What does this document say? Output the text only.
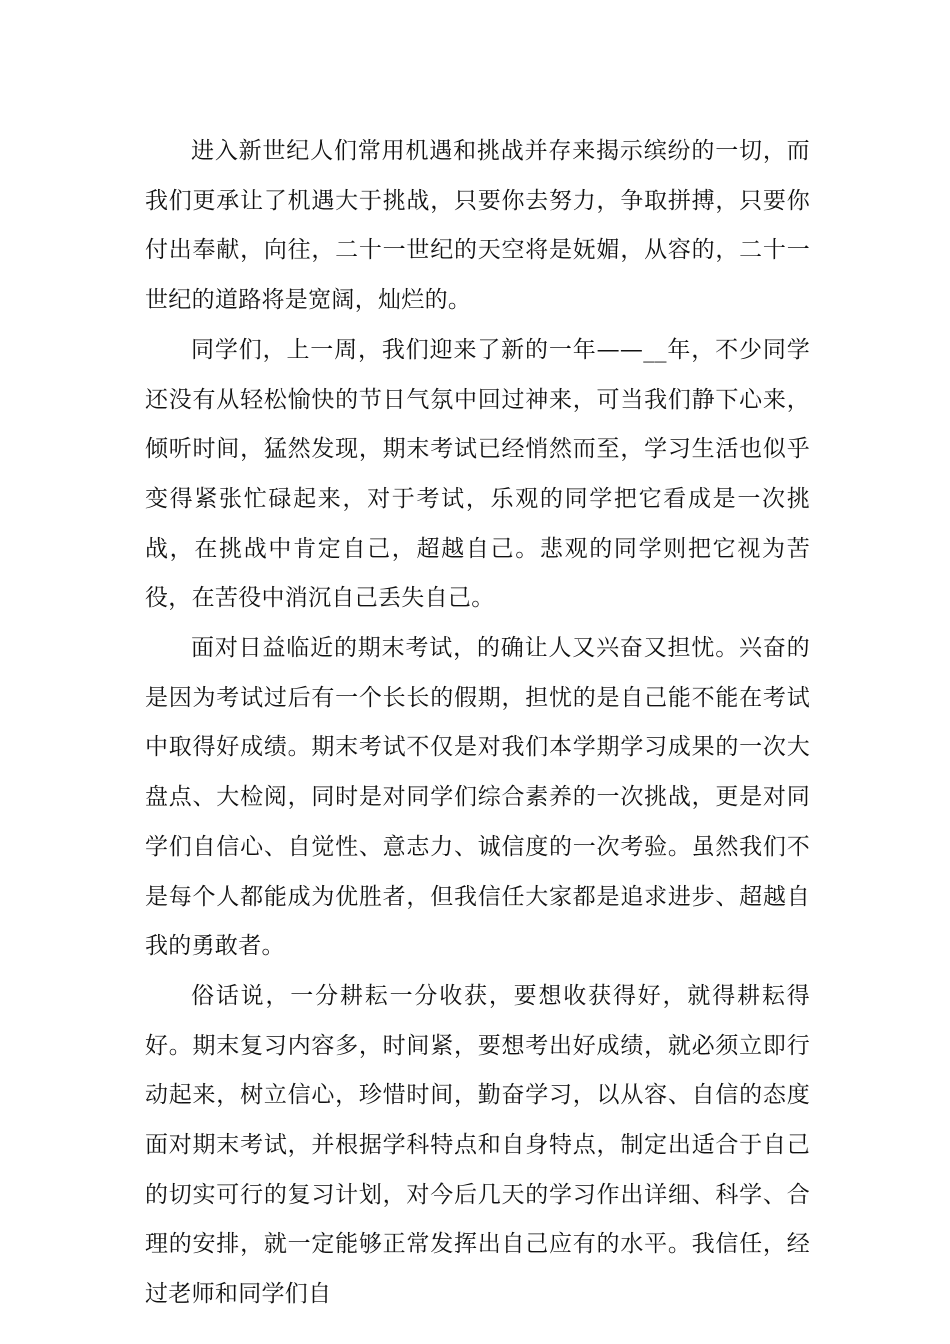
进入新世纪人们常用机遇和挑战并存来揭示缤纷的一切，而我们更承让了机遇大于挑战，只要你去努力，争取拼搏，只要你付出奉献，向往，二十一世纪的天空将是妩媚，从容的，二十一世纪的道路将是宽阔，灿烂的。

同学们，上一周，我们迎来了新的一年——__年，不少同学还没有从轻松愉快的节日气氛中回过神来，可当我们静下心来，倾听时间，猛然发现，期末考试已经悄然而至，学习生活也似乎变得紧张忙碌起来，对于考试，乐观的同学把它看成是一次挑战，在挑战中肯定自己，超越自己。悲观的同学则把它视为苦役，在苦役中消沉自己丢失自己。

面对日益临近的期末考试，的确让人又兴奋又担忧。兴奋的是因为考试过后有一个长长的假期，担忧的是自己能不能在考试中取得好成绩。期末考试不仅是对我们本学期学习成果的一次大盘点、大检阅，同时是对同学们综合素养的一次挑战，更是对同学们自信心、自觉性、意志力、诚信度的一次考验。虽然我们不是每个人都能成为优胜者，但我信任大家都是追求进步、超越自我的勇敢者。

俗话说，一分耕耘一分收获，要想收获得好，就得耕耘得好。期末复习内容多，时间紧，要想考出好成绩，就必须立即行动起来，树立信心，珍惜时间，勤奋学习，以从容、自信的态度面对期末考试，并根据学科特点和自身特点，制定出适合于自己的切实可行的复习计划，对今后几天的学习作出详细、科学、合理的安排，就一定能够正常发挥出自己应有的水平。我信任，经过老师和同学们自
